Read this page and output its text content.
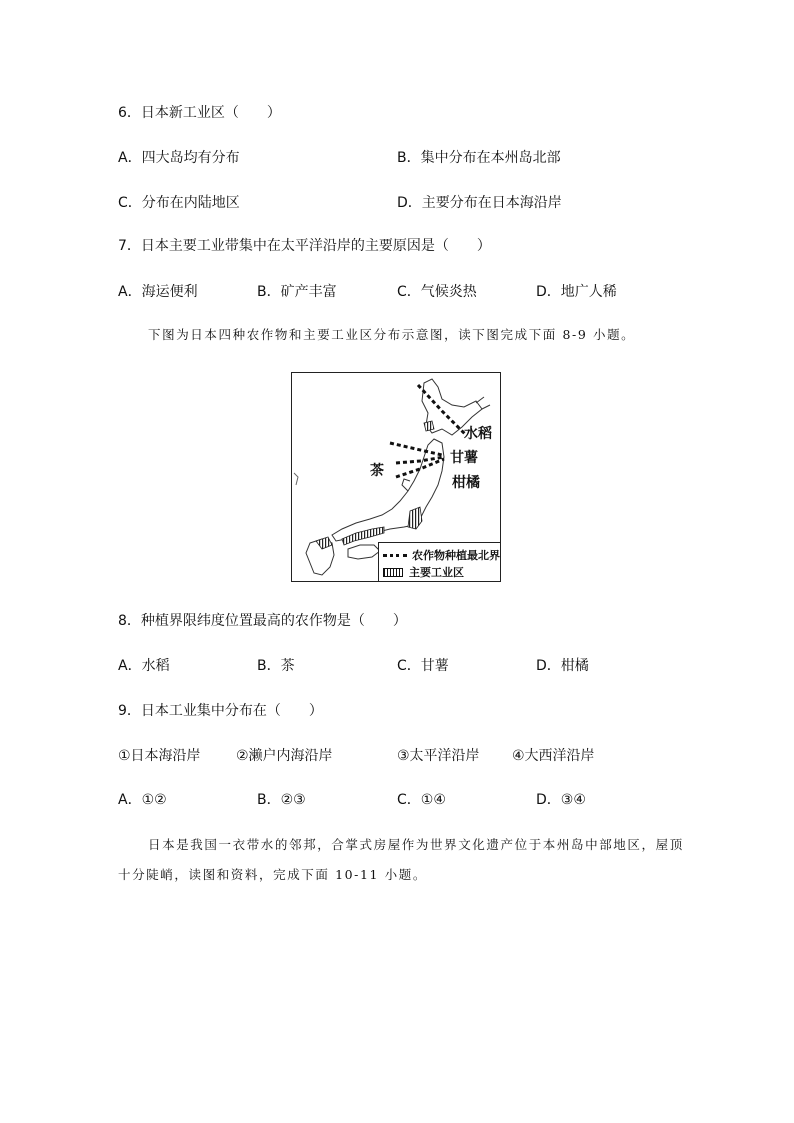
6．日本新工业区（　　）
A．四大岛均有分布	B．集中分布在本州岛北部
C．分布在内陆地区	D．主要分布在日本海沿岸
7．日本主要工业带集中在太平洋沿岸的主要原因是（　　）
A．海运便利	B．矿产丰富	C．气候炎热	D．地广人稀
下图为日本四种农作物和主要工业区分布示意图，读下图完成下面 8-9 小题。
水稻
甘薯
茶
柑橘
农作物种植最北界
主要工业区
8．种植界限纬度位置最高的农作物是（　　）
A．水稻	B．茶	C．甘薯	D．柑橘
9．日本工业集中分布在（　　）
①日本海沿岸	②濑户内海沿岸	③太平洋沿岸 ④大西洋沿岸
A．①②	B．②③	C．①④	D．③④
日本是我国一衣带水的邻邦，合掌式房屋作为世界文化遗产位于本州岛中部地区，屋顶
十分陡峭，读图和资料，完成下面 10-11 小题。
